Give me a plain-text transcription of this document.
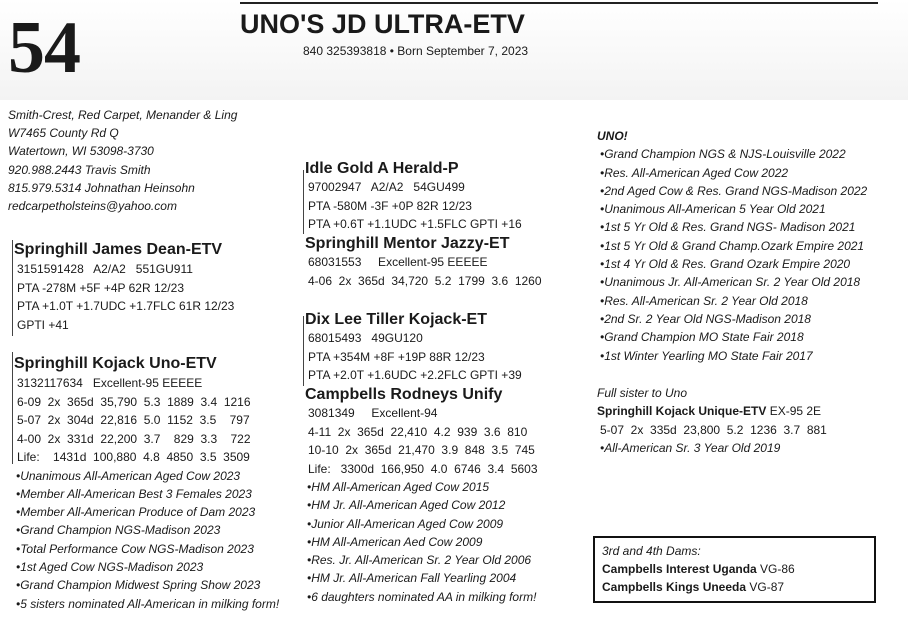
54	UNO'S JD ULTRA-ETV
840 325393818 • Born September 7, 2023
Smith-Crest, Red Carpet, Menander & Ling
W7465 County Rd Q
Watertown, WI 53098-3730
920.988.2443 Travis Smith
815.979.5314 Johnathan Heinsohn
redcarpetholsteins@yahoo.com
Springhill James Dean-ETV
3151591428   A2/A2   551GU911
PTA -278M +5F +4P 62R 12/23
PTA +1.0T +1.7UDC +1.7FLC 61R 12/23
GPTI +41
Springhill Kojack Uno-ETV
3132117634   Excellent-95 EEEEE
6-09  2x  365d  35,790  5.3  1889  3.4  1216
5-07  2x  304d  22,816  5.0  1152  3.5    797
4-00  2x  331d  22,200  3.7    829  3.3    722
Life:    1431d  100,880  4.8  4850  3.5  3509
•Unanimous All-American Aged Cow 2023
•Member All-American Best 3 Females 2023
•Member All-American Produce of Dam 2023
•Grand Champion NGS-Madison 2023
•Total Performance Cow NGS-Madison 2023
•1st Aged Cow NGS-Madison 2023
•Grand Champion Midwest Spring Show 2023
•5 sisters nominated All-American in milking form!
Idle Gold A Herald-P
97002947   A2/A2   54GU499
PTA -580M -3F +0P 82R 12/23
PTA +0.6T +1.1UDC +1.5FLC GPTI +16
Springhill Mentor Jazzy-ET
68031553     Excellent-95 EEEEE
4-06  2x  365d  34,720  5.2  1799  3.6  1260
Dix Lee Tiller Kojack-ET
68015493   49GU120
PTA +354M +8F +19P 88R 12/23
PTA +2.0T +1.6UDC +2.2FLC GPTI +39
Campbells Rodneys Unify
3081349     Excellent-94
4-11  2x  365d  22,410  4.2  939  3.6  810
10-10  2x  365d  21,470  3.9  848  3.5  745
Life:   3300d  166,950  4.0  6746  3.4  5603
•HM All-American Aged Cow 2015
•HM Jr. All-American Aged Cow 2012
•Junior All-American Aged Cow 2009
•HM All-American Aed Cow 2009
•Res. Jr. All-American Sr. 2 Year Old 2006
•HM Jr. All-American Fall Yearling 2004
•6 daughters nominated AA in milking form!
UNO!
•Grand Champion NGS & NJS-Louisville 2022
•Res. All-American Aged Cow 2022
•2nd Aged Cow & Res. Grand NGS-Madison 2022
•Unanimous All-American 5 Year Old 2021
•1st 5 Yr Old & Res. Grand NGS- Madison 2021
•1st 5 Yr Old & Grand Champ.Ozark Empire 2021
•1st 4 Yr Old & Res. Grand Ozark Empire 2020
•Unanimous Jr. All-American Sr. 2 Year Old 2018
•Res. All-American Sr. 2 Year Old 2018
•2nd Sr. 2 Year Old NGS-Madison 2018
•Grand Champion MO State Fair 2018
•1st Winter Yearling MO State Fair 2017
Full sister to Uno
Springhill Kojack Unique-ETV EX-95 2E
5-07  2x  335d  23,800  5.2  1236  3.7  881
•All-American Sr. 3 Year Old 2019
3rd and 4th Dams:
Campbells Interest Uganda VG-86
Campbells Kings Uneeda VG-87
